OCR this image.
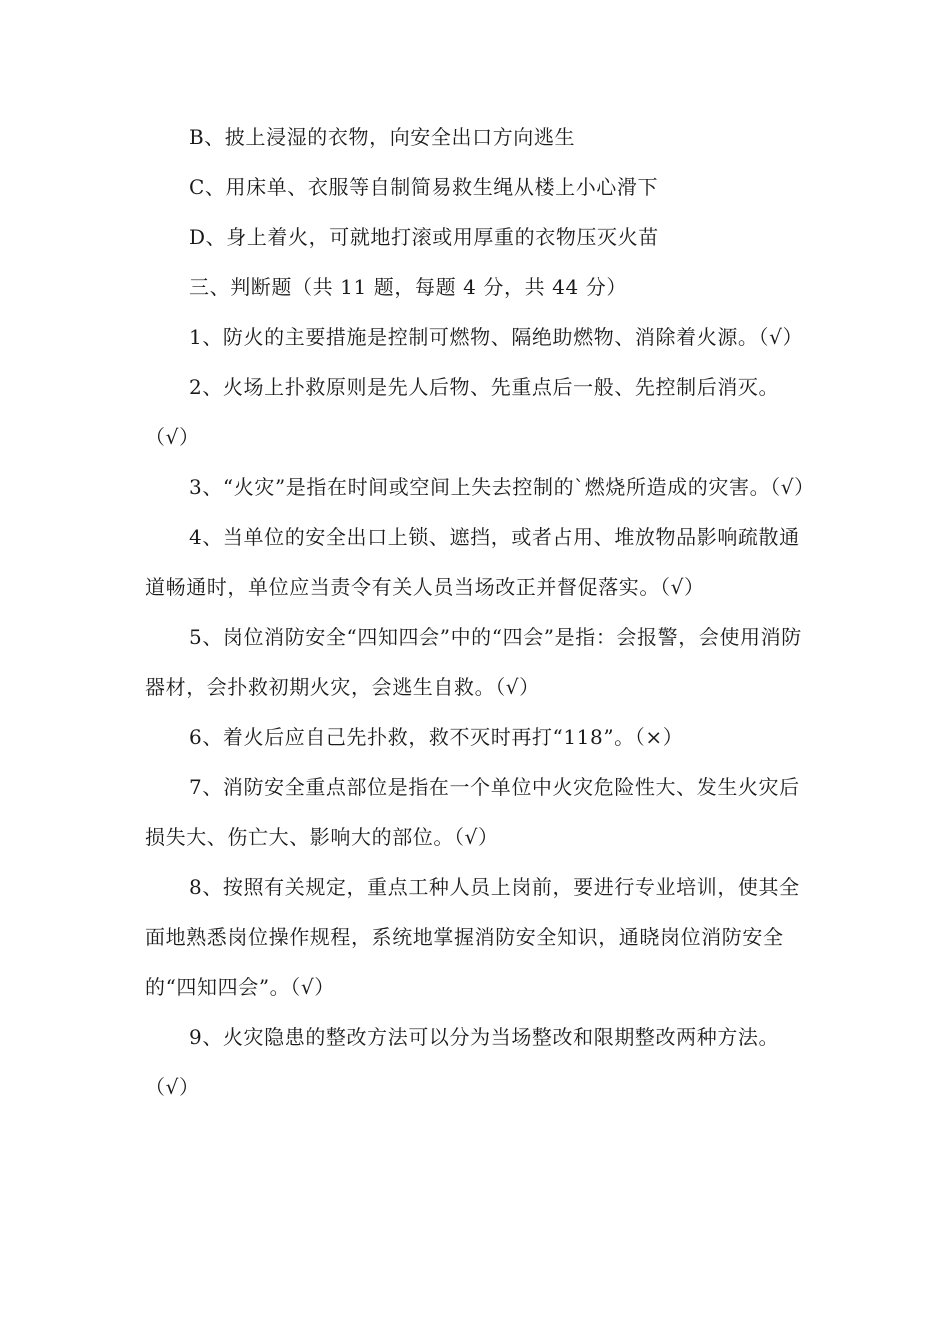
B、披上浸湿的衣物，向安全出口方向逃生

C、用床单、衣服等自制简易救生绳从楼上小心滑下

D、身上着火，可就地打滚或用厚重的衣物压灭火苗

三、判断题（共 11 题，每题 4 分，共 44 分）

1、防火的主要措施是控制可燃物、隔绝助燃物、消除着火源。（√）

2、火场上扑救原则是先人后物、先重点后一般、先控制后消灭。（√）

3、“火灾”是指在时间或空间上失去控制的`燃烧所造成的灾害。（√）

4、当单位的安全出口上锁、遮挡，或者占用、堆放物品影响疏散通道畅通时，单位应当责令有关人员当场改正并督促落实。（√）

5、岗位消防安全“四知四会”中的“四会”是指：会报警，会使用消防器材，会扑救初期火灾，会逃生自救。（√）

6、着火后应自己先扑救，救不灭时再打“118”。（×）

7、消防安全重点部位是指在一个单位中火灾危险性大、发生火灾后损失大、伤亡大、影响大的部位。（√）

8、按照有关规定，重点工种人员上岗前，要进行专业培训，使其全面地熟悉岗位操作规程，系统地掌握消防安全知识，通晓岗位消防安全的“四知四会”。（√）

9、火灾隐患的整改方法可以分为当场整改和限期整改两种方法。（√）
